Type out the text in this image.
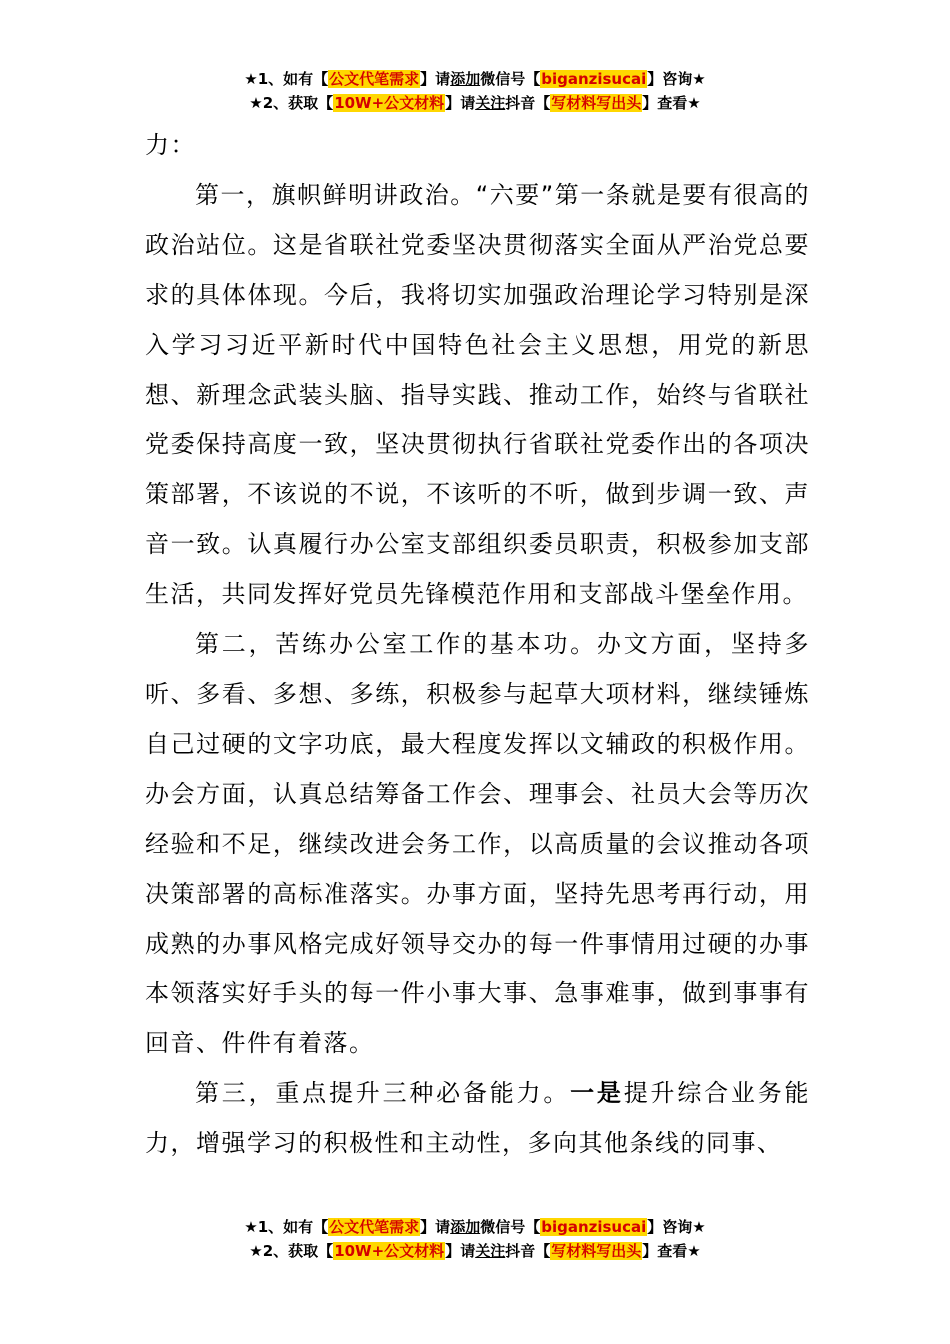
★1、如有【公文代笔需求】请添加微信号【biganzisucai】咨询★
★2、获取【10W+公文材料】请关注抖音【写材料写出头】查看★

力：

第一，旗帜鲜明讲政治。“六要”第一条就是要有很高的政治站位。这是省联社党委坚决贯彻落实全面从严治党总要求的具体体现。今后，我将切实加强政治理论学习特别是深入学习习近平新时代中国特色社会主义思想，用党的新思想、新理念武装头脑、指导实践、推动工作，始终与省联社党委保持高度一致，坚决贯彻执行省联社党委作出的各项决策部署，不该说的不说，不该听的不听，做到步调一致、声音一致。认真履行办公室支部组织委员职责，积极参加支部生活，共同发挥好党员先锋模范作用和支部战斗堡垒作用。

第二，苦练办公室工作的基本功。办文方面，坚持多听、多看、多想、多练，积极参与起草大项材料，继续锤炼自己过硬的文字功底，最大程度发挥以文辅政的积极作用。办会方面，认真总结筹备工作会、理事会、社员大会等历次经验和不足，继续改进会务工作，以高质量的会议推动各项决策部署的高标准落实。办事方面，坚持先思考再行动，用成熟的办事风格完成好领导交办的每一件事情用过硬的办事本领落实好手头的每一件小事大事、急事难事，做到事事有回音、件件有着落。

第三，重点提升三种必备能力。一是提升综合业务能力，增强学习的积极性和主动性，多向其他条线的同事、

★1、如有【公文代笔需求】请添加微信号【biganzisucai】咨询★
★2、获取【10W+公文材料】请关注抖音【写材料写出头】查看★
